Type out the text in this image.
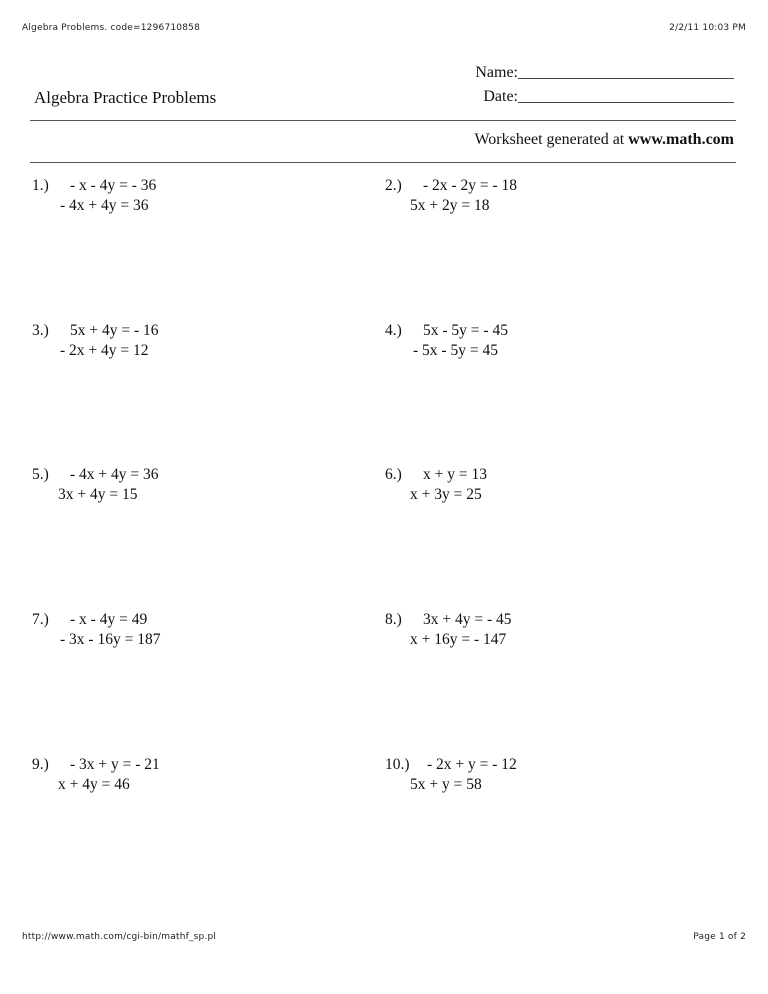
Algebra Problems. code=1296710858	2/2/11 10:03 PM
Name:___________________________
Date:___________________________
Algebra Practice Problems
Worksheet generated at www.math.com
1.) - x - 4y = - 36
- 4x + 4y = 36
2.) - 2x - 2y = - 18
5x + 2y = 18
3.) 5x + 4y = - 16
- 2x + 4y = 12
4.) 5x - 5y = - 45
- 5x - 5y = 45
5.) - 4x + 4y = 36
3x + 4y = 15
6.) x + y = 13
x + 3y = 25
7.) - x - 4y = 49
- 3x - 16y = 187
8.) 3x + 4y = - 45
x + 16y = - 147
9.) - 3x + y = - 21
x + 4y = 46
10.) - 2x + y = - 12
5x + y = 58
http://www.math.com/cgi-bin/mathf_sp.pl	Page 1 of 2
